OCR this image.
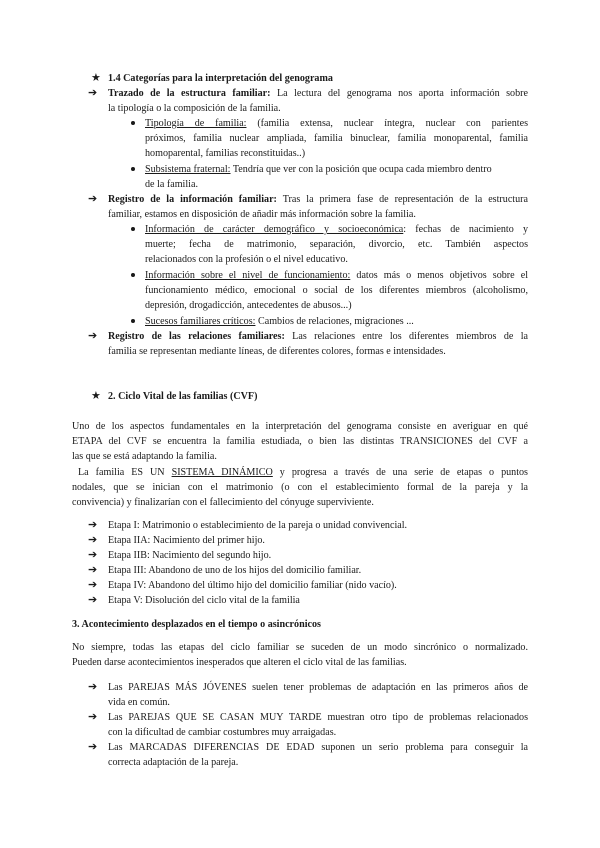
★ 1.4 Categorías para la interpretación del genograma
➔ Trazado de la estructura familiar: La lectura del genograma nos aporta información sobre
la tipología o la composición de la familia.
Tipología de familia: (familia extensa, nuclear íntegra, nuclear con parientes
próximos, familia nuclear ampliada, familia binuclear, familia monoparental, familia
homoparental, familias reconstituidas..)
Subsistema fraternal: Tendría que ver con la posición que ocupa cada miembro dentro
de la familia.
➔ Registro de la información familiar: Tras la primera fase de representación de la estructura
familiar, estamos en disposición de añadir más información sobre la familia.
Información de carácter demográfico y socioeconómica: fechas de nacimiento y
muerte; fecha de matrimonio, separación, divorcio, etc. También aspectos
relacionados con la profesión o el nivel educativo.
Información sobre el nivel de funcionamiento: datos más o menos objetivos sobre el
funcionamiento médico, emocional o social de los diferentes miembros (alcoholismo,
depresión, drogadicción, antecedentes de abusos...)
Sucesos familiares críticos: Cambios de relaciones, migraciones ...
➔ Registro de las relaciones familiares: Las relaciones entre los diferentes miembros de la
familia se representan mediante líneas, de diferentes colores, formas e intensidades.
★ 2. Ciclo Vital de las familias (CVF)
Uno de los aspectos fundamentales en la interpretación del genograma consiste en averiguar en qué
ETAPA del CVF se encuentra la familia estudiada, o bien las distintas TRANSICIONES del CVF a
las que se está adaptando la familia.
La familia ES UN SISTEMA DINÁMICO y progresa a través de una serie de etapas o puntos
nodales, que se inician con el matrimonio (o con el establecimiento formal de la pareja y la
convivencia) y finalizarían con el fallecimiento del cónyuge superviviente.
➔ Etapa I: Matrimonio o establecimiento de la pareja o unidad convivencial.
➔ Etapa IIA: Nacimiento del primer hijo.
➔ Etapa IIB: Nacimiento del segundo hijo.
➔ Etapa III: Abandono de uno de los hijos del domicilio familiar.
➔ Etapa IV: Abandono del último hijo del domicilio familiar (nido vacío).
➔ Etapa V: Disolución del ciclo vital de la familia
3. Acontecimiento desplazados en el tiempo o asincrónicos
No siempre, todas las etapas del ciclo familiar se suceden de un modo sincrónico o normalizado.
Pueden darse acontecimientos inesperados que alteren el ciclo vital de las familias.
➔ Las PAREJAS MÁS JÓVENES suelen tener problemas de adaptación en las primeros años de
vida en común.
➔ Las PAREJAS QUE SE CASAN MUY TARDE muestran otro tipo de problemas relacionados
con la dificultad de cambiar costumbres muy arraigadas.
➔ Las MARCADAS DIFERENCIAS DE EDAD suponen un serio problema para conseguir la
correcta adaptación de la pareja.
